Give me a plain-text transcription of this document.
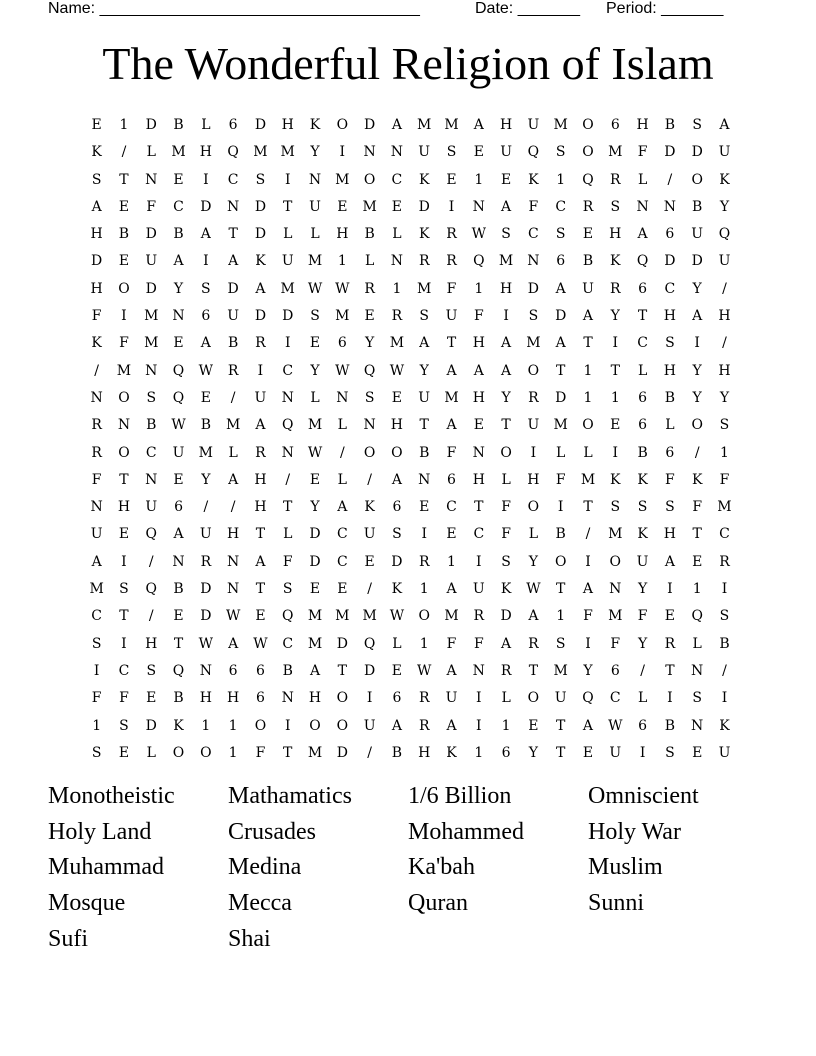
Name: ____________________________________	Date: _______ Period: _______
The Wonderful Religion of Islam
E	1	D	B	L	6	D	H	K	O	D	A	M M	A	H	U	M	O	6	H	B	S	A
K	/	L	M	H	Q	M M	Y	I	N	N	U	S	E	U	Q	S	O	M	F	D	D	U
S	T	N	E	I	C	S	I	N	M	O	C	K	E	1	E	K	1	Q	R	L	/	O	K
A	E	F	C	D	N	D	T	U	E	M	E	D	I	N	A	F	C	R	S	N	N	B	Y
H	B	D	B	A	T	D	L	L	H	B	L	K	R	W	S	C	S	E	H	A	6	U	Q
D	E	U	A	I	A	K	U	M	1	L	N	R	R	Q	M	N	6	B	K	Q	D	D	U
H	O	D	Y	S	D	A	M W W	R	1	M	F	1	H	D	A	U	R	6	C	Y	/
F	I	M	N	6	U	D	D	S	M	E	R	S	U	F	I	S	D	A	Y	T	H	A	H
K	F	M	E	A	B	R	I	E	6	Y	M	A	T	H	A	M	A	T	I	C	S	I	/
/	M	N	Q	W	R	I	C	Y	W	Q	W	Y	A	A	A	O	T	1	T	L	H	Y	H
N	O	S	Q	E	/	U	N	L	N	S	E	U	M	H	Y	R	D	1	1	6	B	Y	Y
R	N	B	W	B	M	A	Q	M	L	N	H	T	A	E	T	U	M	O	E	6	L	O	S
R	O	C	U	M	L	R	N W	/	O	O	B	F	N	O	I	L	L	I	B	6	/	1
F	T	N	E	Y	A	H	/	E	L	/	A	N	6	H	L	H	F	M	K	K	F	K	F
N	H	U	6	/	/	H	T	Y	A	K	6	E	C	T	F	O	I	T	S	S	S	F	M
U	E	Q	A	U	H	T	L	D	C	U	S	I	E	C	F	L	B	/	M	K	H	T	C
A	I	/	N	R	N	A	F	D	C	E	D	R	1	I	S	Y	O	I	O	U	A	E	R
M	S	Q	B	D	N	T	S	E	E	/	K	1	A	U	K	W	T	A	N	Y	I	1	I
C	T	/	E	D	W	E	Q	M M M W	O	M	R	D	A	1	F	M	F	E	Q	S
S	I	H	T	W	A	W	C	M	D	Q	L	1	F	F	A	R	S	I	F	Y	R	L	B
I	C	S	Q	N	6	6	B	A	T	D	E	W	A	N	R	T	M	Y	6	/	T	N	/
F	F	E	B	H	H	6	N	H	O	I	6	R	U	I	L	O	U	Q	C	L	I	S	I
1	S	D	K	1	1	O	I	O	O	U	A	R	A	I	1	E	T	A	W	6	B	N	K
S	E	L	O	O	1	F	T	M	D	/	B	H	K	1	6	Y	T	E	U	I	S	E	U
Monotheistic	Mathamatics	1/6 Billion	Omniscient
Holy Land	Crusades	Mohammed	Holy War
Muhammad	Medina	Ka'bah	Muslim
Mosque	Mecca	Quran	Sunni
Sufi	Shai
